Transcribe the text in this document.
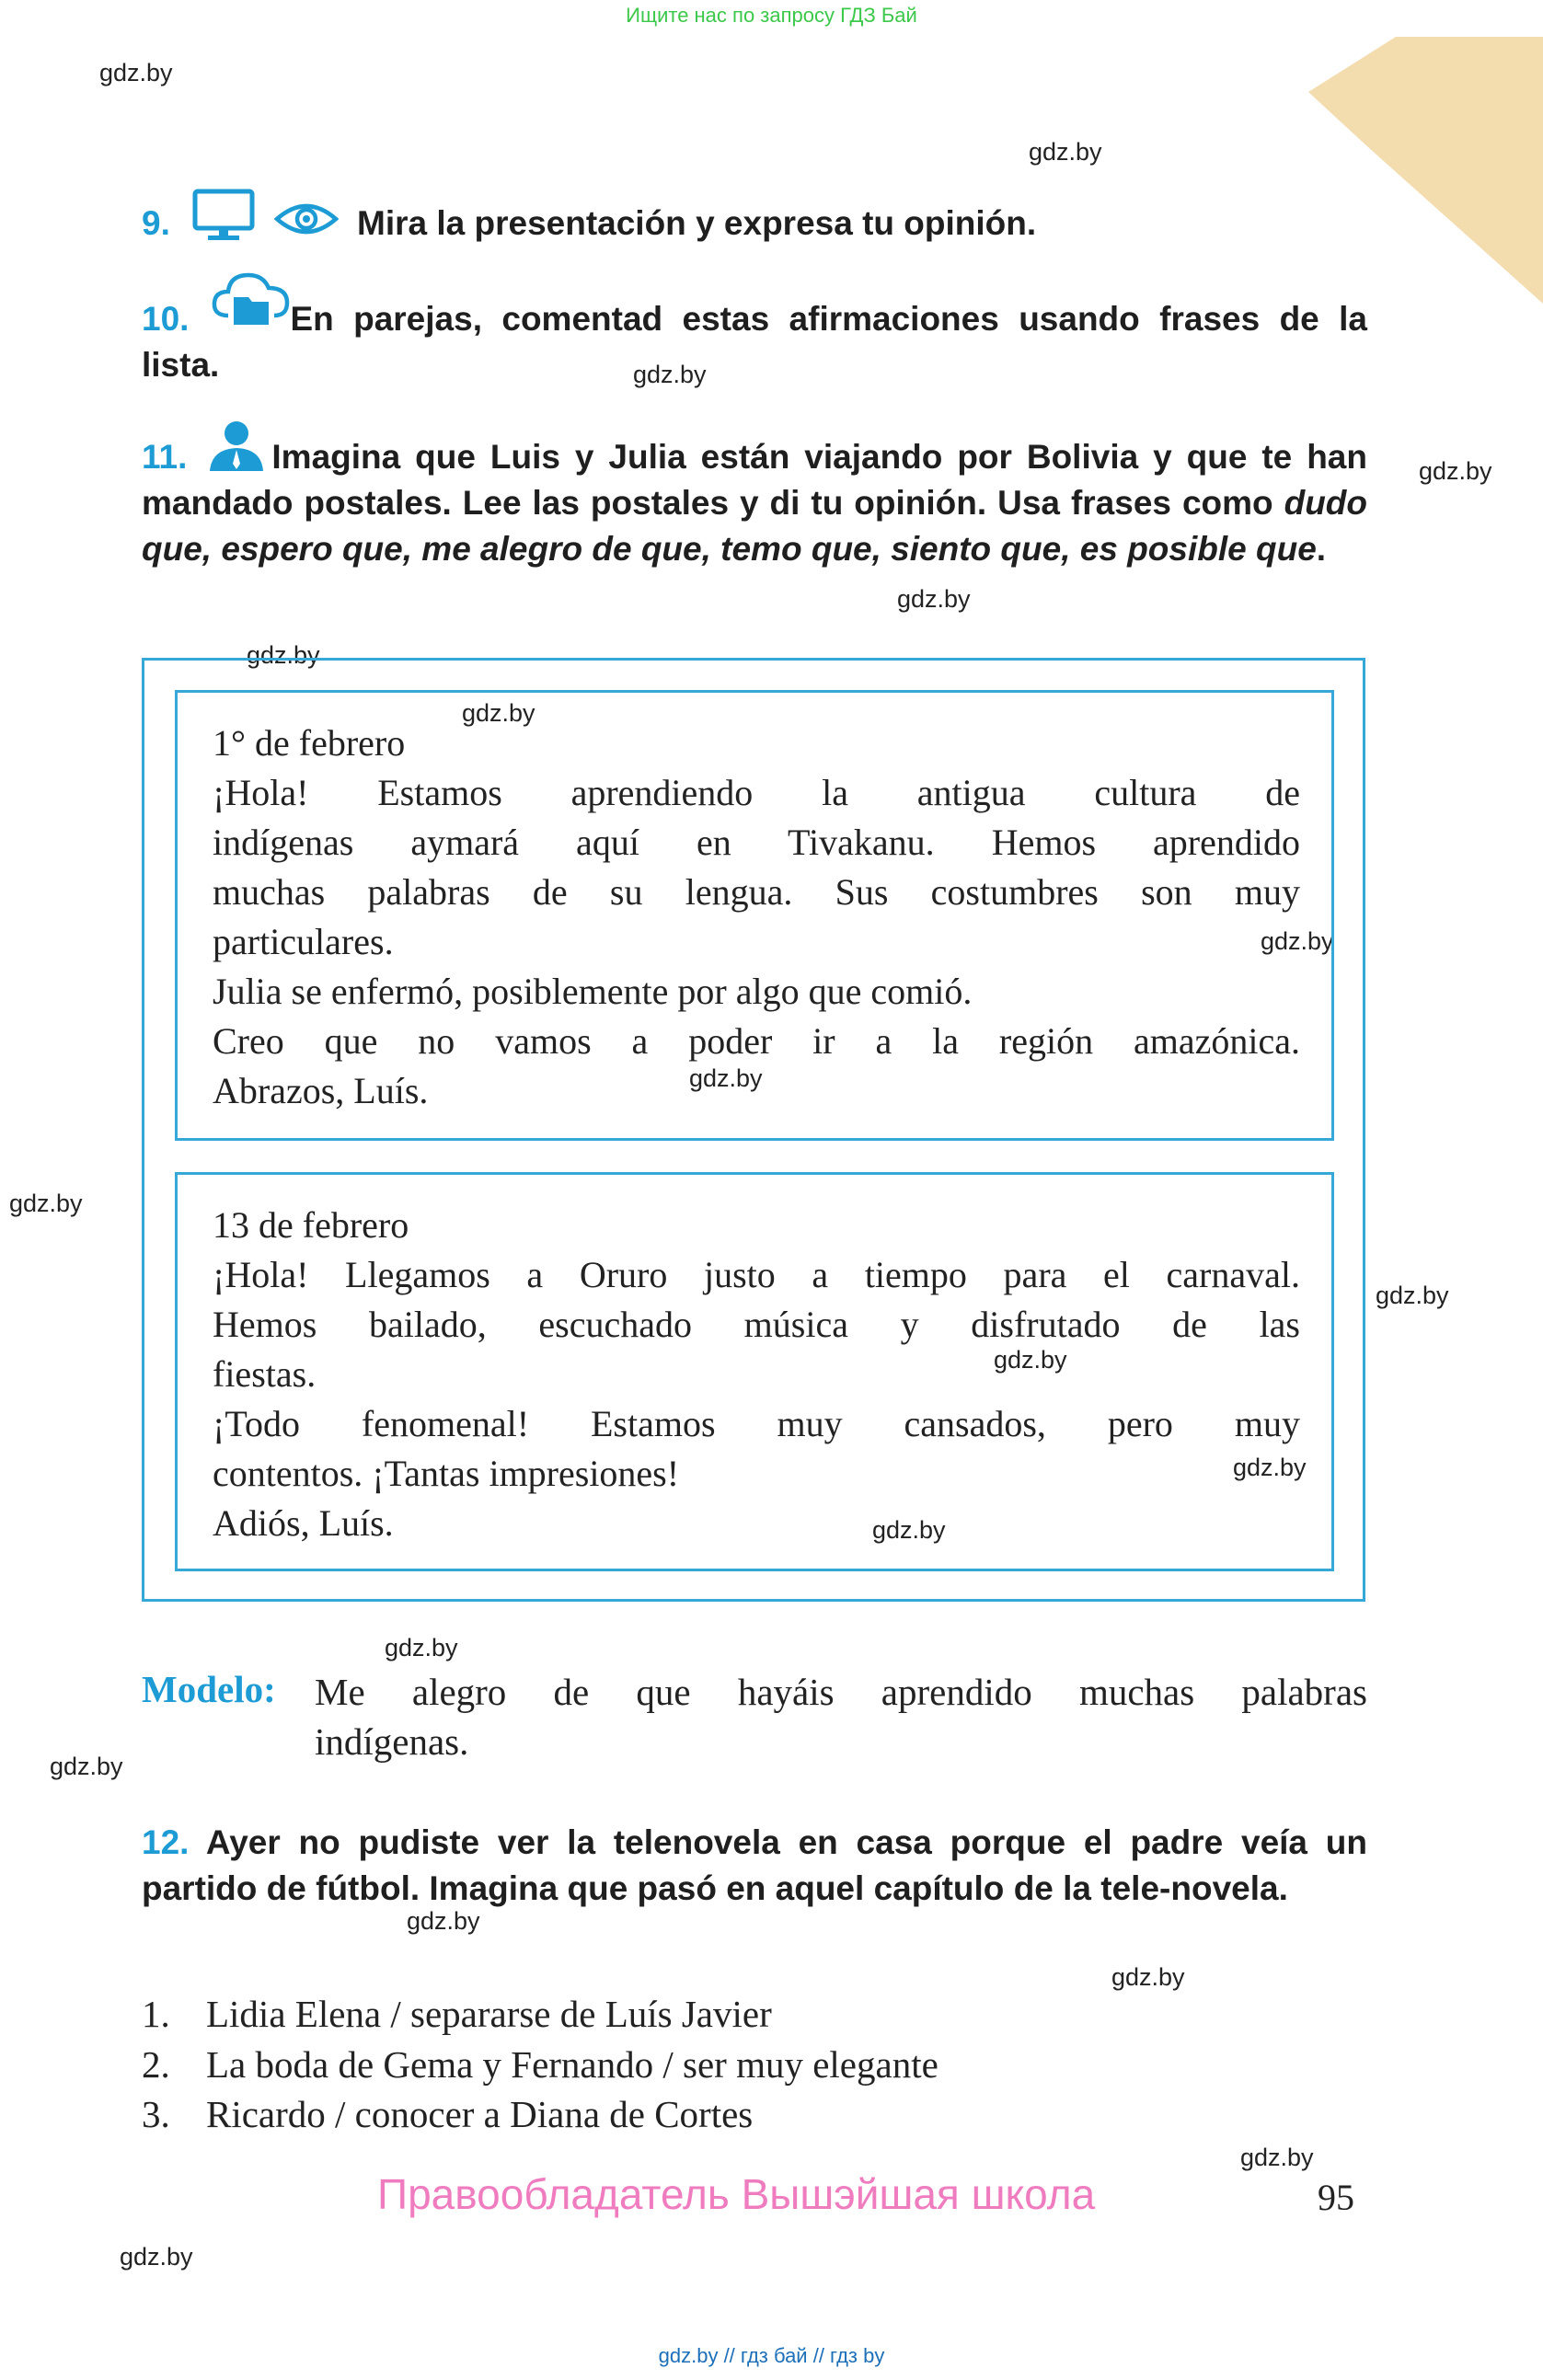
Ищите нас по запросу ГДЗ Бай
gdz.by
gdz.by
gdz.by
gdz.by
gdz.by
gdz.by
gdz.by
gdz.by
gdz.by
gdz.by
gdz.by
gdz.by
gdz.by
gdz.by
gdz.by
gdz.by
gdz.by
gdz.by
gdz.by
gdz.by
9.	Mira la presentación y expresa tu opinión.
10.	En parejas, comentad estas afirmaciones usando frases de la lista.
11. Imagina que Luis y Julia están viajando por Bolivia y que te han mandado postales. Lee las postales y di tu opinión. Usa frases como dudo que, espero que, me alegro de que, temo que, siento que, es posible que.
1° de febrero
¡Hola! Estamos aprendiendo la antigua cultura de
indígenas aymará aquí en Tivakanu. Hemos aprendido
muchas palabras de su lengua. Sus costumbres son muy
particulares.
Julia se enfermó, posiblemente por algo que comió.
Creo que no vamos a poder ir a la región amazónica.
Abrazos, Luís.
13 de febrero
¡Hola! Llegamos a Oruro justo a tiempo para el carnaval.
Hemos bailado, escuchado música y disfrutado de las
fiestas.
¡Todo fenomenal! Estamos muy cansados, pero muy
contentos. ¡Tantas impresiones!
Adiós, Luís.
Modelo: Me alegro de que hayáis aprendido muchas palabras
indígenas.
12. Ayer no pudiste ver la telenovela en casa porque el padre veía un partido de fútbol. Imagina que pasó en aquel capítulo de la tele-novela.
1. Lidia Elena / separarse de Luís Javier
2. La boda de Gema y Fernando / ser muy elegante
3. Ricardo / conocer a Diana de Cortes
Правообладатель Вышэйшая школа	95
gdz.by // гдз бай // гдз by
